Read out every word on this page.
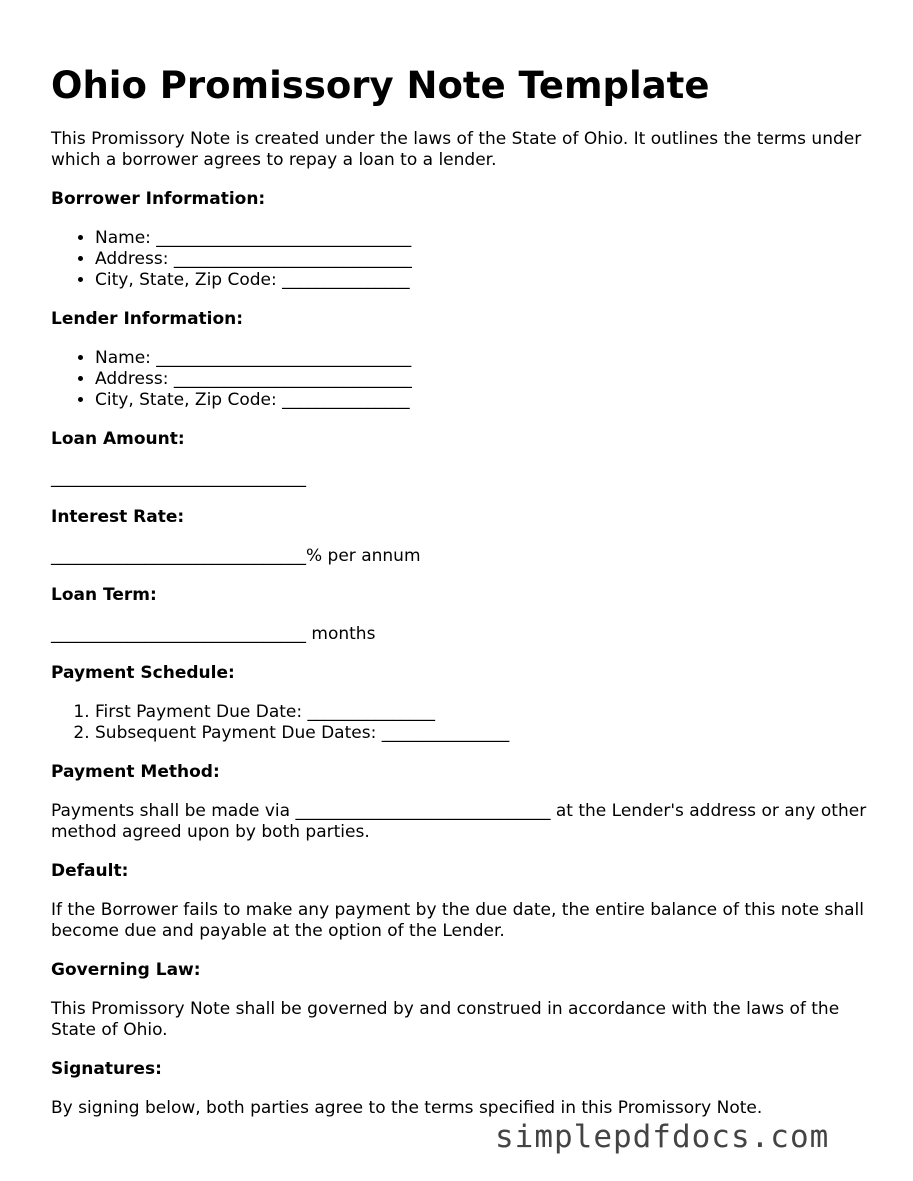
Ohio Promissory Note Template

This Promissory Note is created under the laws of the State of Ohio. It outlines the terms under which a borrower agrees to repay a loan to a lender.

Borrower Information:
• Name: ______________________________
• Address: ____________________________
• City, State, Zip Code: _______________
Lender Information:
• Name: ______________________________
• Address: ____________________________
• City, State, Zip Code: _______________
Loan Amount:

______________________________

Interest Rate:

______________________________% per annum

Loan Term:

______________________________ months

Payment Schedule:
1. First Payment Due Date: _______________
2. Subsequent Payment Due Dates: _______________
Payment Method:

Payments shall be made via ______________________________ at the Lender's address or any other method agreed upon by both parties.

Default:

If the Borrower fails to make any payment by the due date, the entire balance of this note shall become due and payable at the option of the Lender.

Governing Law:

This Promissory Note shall be governed by and construed in accordance with the laws of the State of Ohio.

Signatures:

By signing below, both parties agree to the terms specified in this Promissory Note.

simplepdfdocs.com
